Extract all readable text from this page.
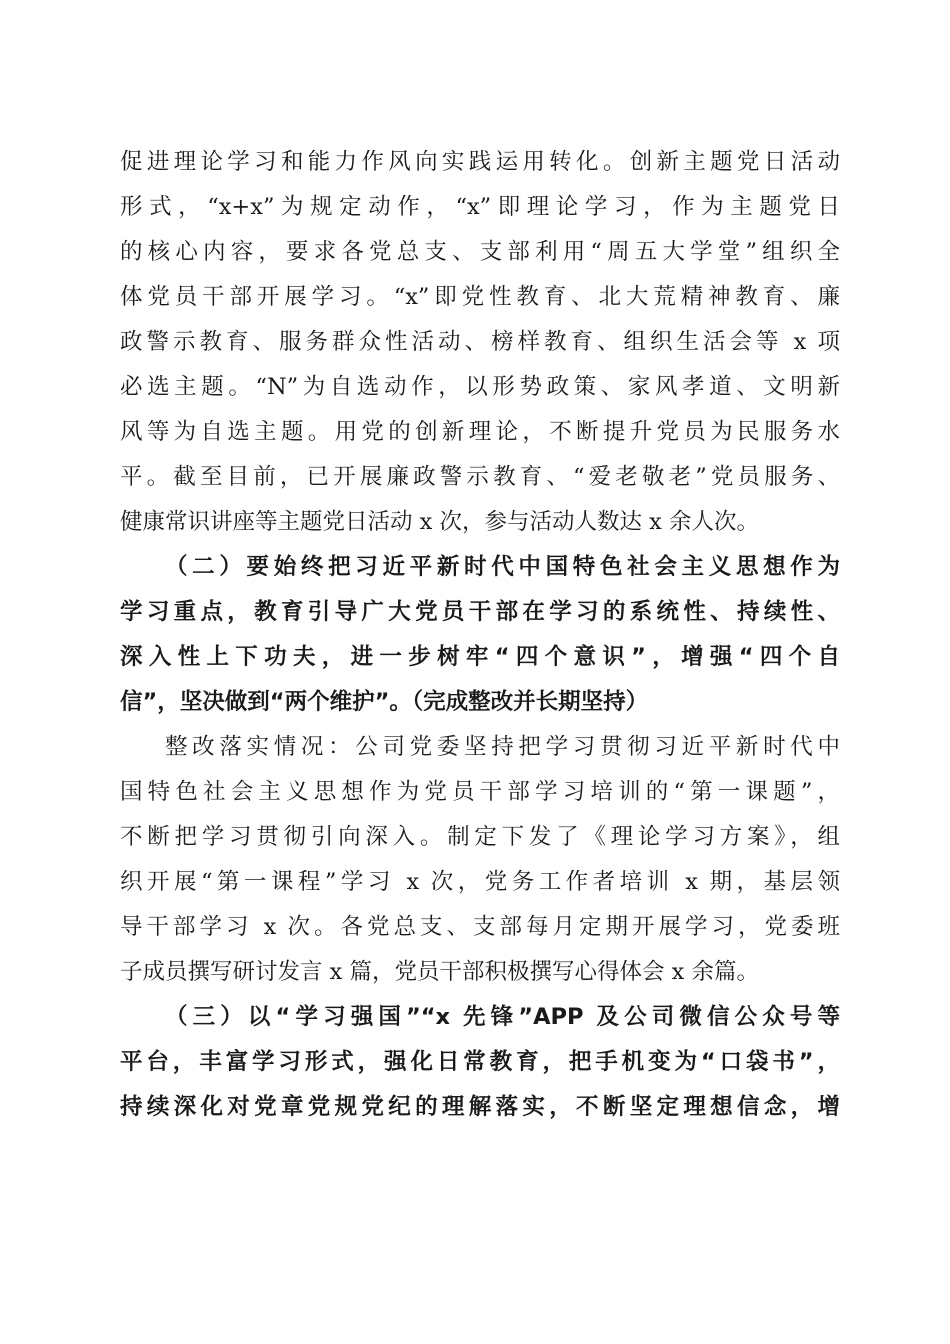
促进理论学习和能力作风向实践运用转化。创新主题党日活动
形式，“x+x”为规定动作，“x”即理论学习，作为主题党日
的核心内容，要求各党总支、支部利用“周五大学堂”组织全
体党员干部开展学习。“x”即党性教育、北大荒精神教育、廉
政警示教育、服务群众性活动、榜样教育、组织生活会等 x 项
必选主题。“N”为自选动作，以形势政策、家风孝道、文明新
风等为自选主题。用党的创新理论，不断提升党员为民服务水
平。截至目前，已开展廉政警示教育、“爱老敬老”党员服务、
健康常识讲座等主题党日活动 x 次，参与活动人数达 x 余人次。
（二）要始终把习近平新时代中国特色社会主义思想作为
学习重点，教育引导广大党员干部在学习的系统性、持续性、
深入性上下功夫，进一步树牢“四个意识”，增强“四个自
信”，坚决做到“两个维护”。（完成整改并长期坚持）
整改落实情况：公司党委坚持把学习贯彻习近平新时代中
国特色社会主义思想作为党员干部学习培训的“第一课题”，
不断把学习贯彻引向深入。制定下发了《理论学习方案》，组
织开展“第一课程”学习 x 次，党务工作者培训 x 期，基层领
导干部学习 x 次。各党总支、支部每月定期开展学习，党委班
子成员撰写研讨发言 x 篇，党员干部积极撰写心得体会 x 余篇。
（三）以“学习强国”“x 先锋”APP 及公司微信公众号等
平台，丰富学习形式，强化日常教育，把手机变为“口袋书”，
持续深化对党章党规党纪的理解落实，不断坚定理想信念，增
